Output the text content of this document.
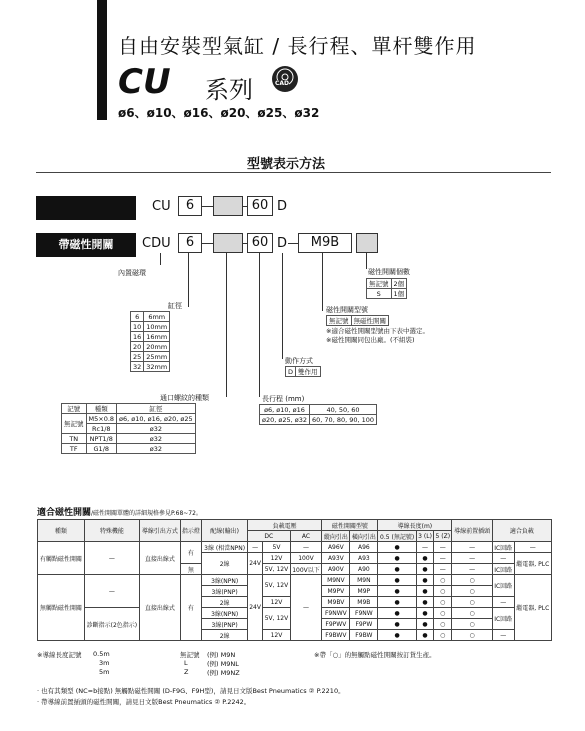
自由安裝型氣缸 / 長行程、單杆雙作用
CU 系列	CAD
ø6、ø10、ø16、ø20、ø25、ø32
型號表示方法
CU	6	60 D
帶磁性開關	CDU	6	60 D	M9B
內置磁環	磁性開關個數
無記號	2個
S	1個
磁性開關型號
無記號	無磁性開關
※適合磁性開關型號由下表中選定。
※磁性開關同包出廠。(不組裝)
缸徑
6	6mm
10	10mm
16	16mm
20	20mm
25	25mm
32	32mm
動作方式
D	雙作用
通口螺紋的種類
記號	種類	缸徑
無記號	M5×0.8	ø6, ø10, ø16, ø20, ø25
	Rc1/8	ø32
TN	NPT1/8	ø32
TF	G1/8	ø32
長行程 (mm)
ø6, ø10, ø16	40, 50, 60
ø20, ø25, ø32	60, 70, 80, 90, 100
適合磁性開關/磁性開關單體的詳細規格參見P.68~72。
種類	特殊機能	導線引出方式	指示燈	配線(輸出)	負載電壓			磁性開關型號		導線長度(m)			導線前置插頭	適合負載	
					DC		AC	縱向引出	橫向引出	0.5 (無記號)	3 (L)	5 (Z)			
有觸點磁性開關	—	直接出線式	有	3線 (相當NPN)	—	5V	—	A96V	A96	●	—	—	—	IC回路	—
				2線	24V	12V	100V	A93V	A93	●	●	—	—	—	繼電器, PLC
			無			5V, 12V	100V以下	A90V	A90	●	●	—	—	IC回路	
無觸點磁性開關	—	直接出線式	有	3線(NPN)	24V	5V, 12V	—	M9NV	M9N	●	●	○	○	IC回路	繼電器, PLC
				3線(PNP)				M9PV	M9P	●	●	○	○		
				2線		12V		M9BV	M9B	●	●	○	○	—	
	診斷指示(2色指示)			3線(NPN)		5V, 12V		F9NWV	F9NW	●	●	○	○	IC回路	
				3線(PNP)				F9PWV	F9PW	●	●	○	○		
				2線		12V		F9BWV	F9BW	●	●	○	○	—	
※導線長度記號 0.5m	無記號 (例) M9N
3m	L	(例) M9NL
5m	Z	(例) M9NZ
※帶「○」的無觸點磁性開關按訂貨生產。
‧ 也有其類型 (NC=b接點) 無觸點磁性開關 (D-F9G、F9H型)，請見日文版Best Pneumatics ② P.2210。
‧ 帶導線前置插頭的磁性開關，請見日文版Best Pneumatics ② P.2242。
